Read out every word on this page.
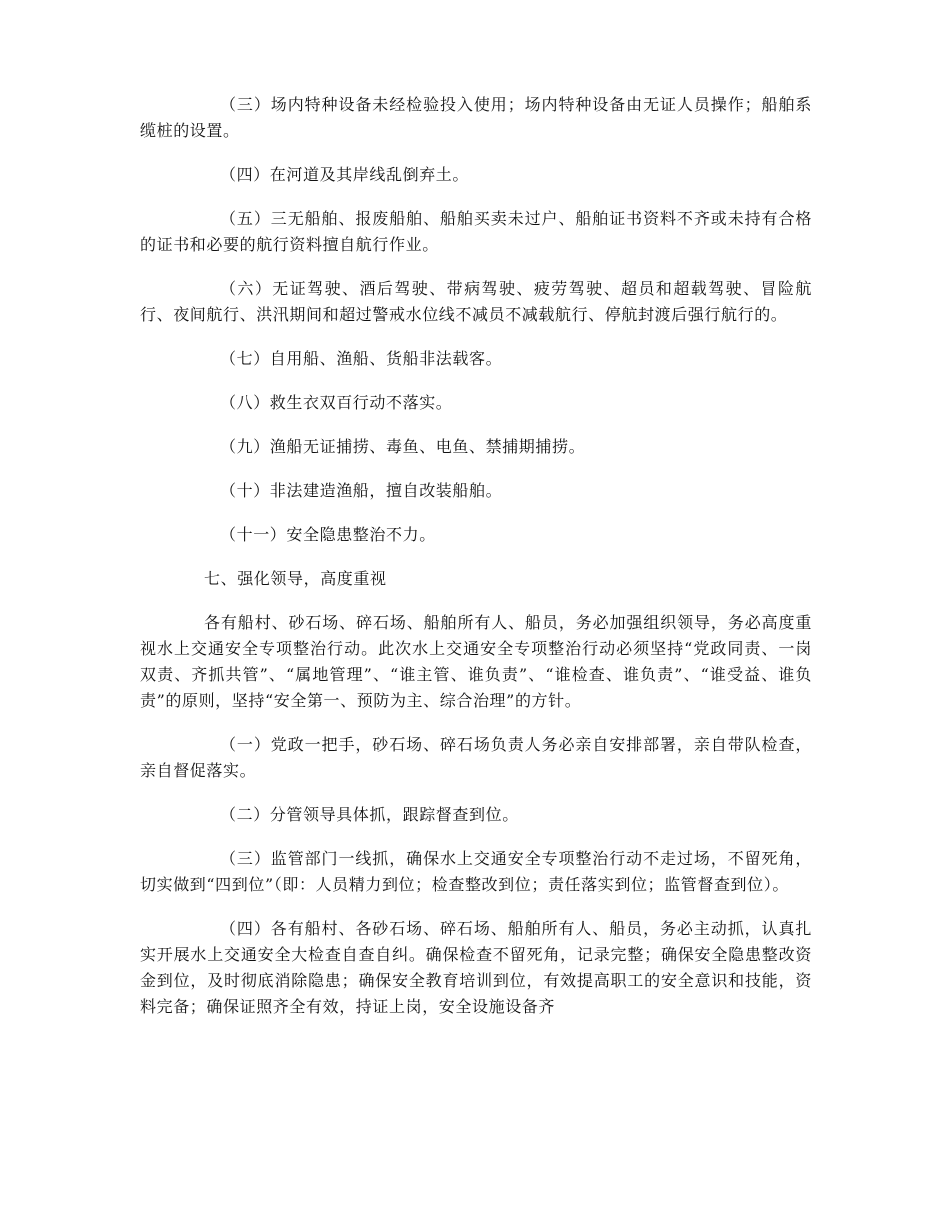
（三）场内特种设备未经检验投入使用；场内特种设备由无证人员操作；船舶系缆桩的设置。

（四）在河道及其岸线乱倒弃土。

（五）三无船舶、报废船舶、船舶买卖未过户、船舶证书资料不齐或未持有合格的证书和必要的航行资料擅自航行作业。

（六）无证驾驶、酒后驾驶、带病驾驶、疲劳驾驶、超员和超载驾驶、冒险航行、夜间航行、洪汛期间和超过警戒水位线不减员不减载航行、停航封渡后强行航行的。

（七）自用船、渔船、货船非法载客。

（八）救生衣双百行动不落实。

（九）渔船无证捕捞、毒鱼、电鱼、禁捕期捕捞。

（十）非法建造渔船，擅自改装船舶。

（十一）安全隐患整治不力。

七、强化领导，高度重视

各有船村、砂石场、碎石场、船舶所有人、船员，务必加强组织领导，务必高度重视水上交通安全专项整治行动。此次水上交通安全专项整治行动必须坚持“党政同责、一岗双责、齐抓共管”、“属地管理”、“谁主管、谁负责”、“谁检查、谁负责”、“谁受益、谁负责”的原则，坚持“安全第一、预防为主、综合治理”的方针。

（一）党政一把手，砂石场、碎石场负责人务必亲自安排部署，亲自带队检查，亲自督促落实。

（二）分管领导具体抓，跟踪督查到位。

（三）监管部门一线抓，确保水上交通安全专项整治行动不走过场，不留死角，切实做到“四到位”（即：人员精力到位；检查整改到位；责任落实到位；监管督查到位）。

（四）各有船村、各砂石场、碎石场、船舶所有人、船员，务必主动抓，认真扎实开展水上交通安全大检查自查自纠。确保检查不留死角，记录完整；确保安全隐患整改资金到位，及时彻底消除隐患；确保安全教育培训到位，有效提高职工的安全意识和技能，资料完备；确保证照齐全有效，持证上岗，安全设施设备齐
